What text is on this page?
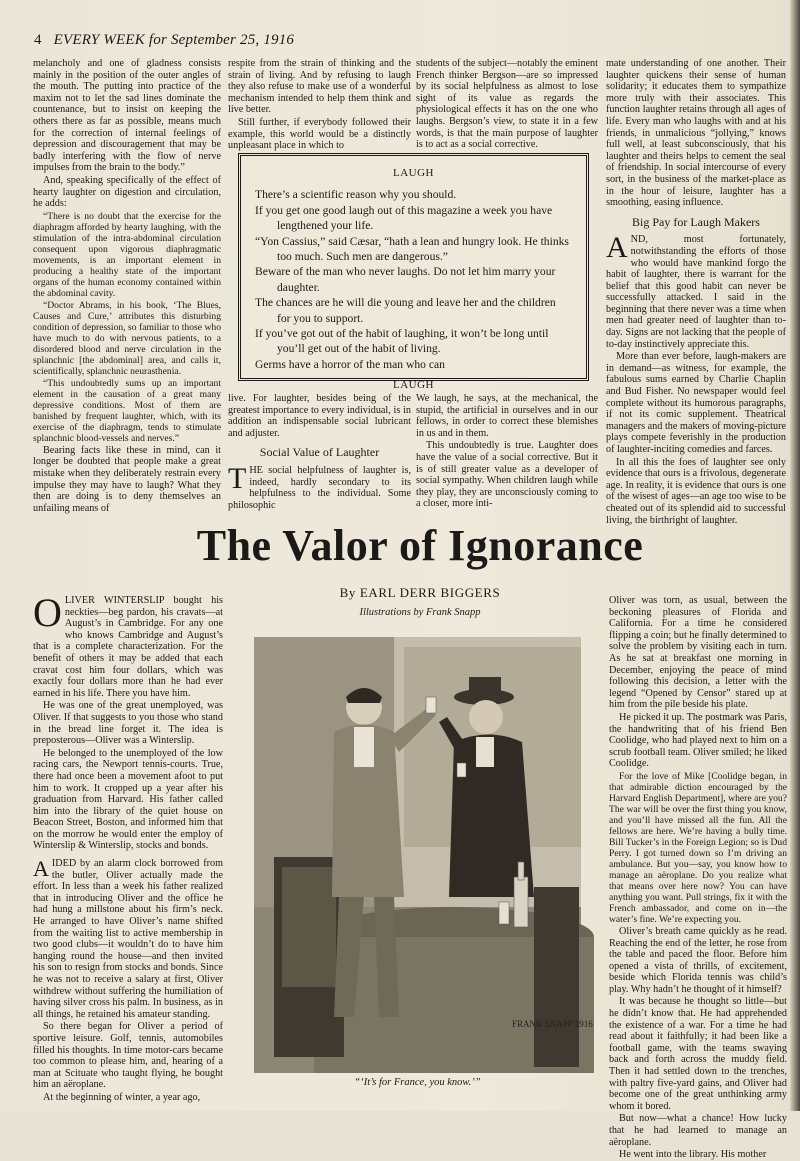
4 EVERY WEEK for September 25, 1916

melancholy and one of gladness consists mainly in the position of the outer angles of the mouth. The putting into practice of the maxim not to let the sad lines dominate the countenance, but to insist on keeping the others there as far as possible, means much for the correction of internal feelings of depression and discouragement that may be badly interfering with the flow of nerve impulses from the brain to the body.”

And, speaking specifically of the effect of hearty laughter on digestion and circulation, he adds:

“There is no doubt that the exercise for the diaphragm afforded by hearty laughing, with the stimulation of the intra-abdominal circulation consequent upon vigorous diaphragmatic movements, is an important element in producing a healthy state of the important organs of the human economy contained within the abdominal cavity.

“Doctor Abrams, in his book, ‘The Blues, Causes and Cure,’ attributes this disturbing condition of depression, so familiar to those who have much to do with nervous patients, to a disordered blood and nerve circulation in the splanchnic [the abdominal] area, and calls it, scientifically, splanchnic neurasthenia.

“This undoubtedly sums up an important element in the causation of a great many depressive conditions. Most of them are banished by frequent laughter, which, with its exercise of the diaphragm, tends to stimulate splanchnic blood-vessels and nerves.”

Bearing facts like these in mind, can it longer be doubted that people make a great mistake when they deliberately restrain every impulse they may have to laugh? What they then are doing is to deny themselves an unfailing means of

respite from the strain of thinking and the strain of living. And by refusing to laugh they also refuse to make use of a wonderful mechanism intended to help them think and live better.

Still further, if everybody followed their example, this world would be a distinctly unpleasant place in which to

students of the subject—notably the eminent French thinker Bergson—are so impressed by its social helpfulness as almost to lose sight of its value as regards the physiological effects it has on the one who laughs. Bergson’s view, to state it in a few words, is that the main purpose of laughter is to act as a social corrective.

LAUGH
There’s a scientific reason why you should.
If you get one good laugh out of this magazine a week you have lengthened your life.
“Yon Cassius,” said Cæsar, “hath a lean and hungry look. He thinks too much. Such men are dangerous.”
Beware of the man who never laughs. Do not let him marry your daughter.
The chances are he will die young and leave her and the children for you to support.
If you’ve got out of the habit of laughing, it won’t be long until you’ll get out of the habit of living.
Germs have a horror of the man who can
LAUGH

live. For laughter, besides being of the greatest importance to every individual, is in addition an indispensable social lubricant and adjuster.

Social Value of Laughter

THE social helpfulness of laughter is, indeed, hardly secondary to its helpfulness to the individual. Some philosophic

We laugh, he says, at the mechanical, the stupid, the artificial in ourselves and in our fellows, in order to correct these blemishes in us and in them.

This undoubtedly is true. Laughter does have the value of a social corrective. But it is of still greater value as a developer of social sympathy. When children laugh while they play, they are unconsciously coming to a closer, more inti-

mate understanding of one another. Their laughter quickens their sense of human solidarity; it educates them to sympathize more truly with their associates. This function laughter retains through all ages of life. Every man who laughs with and at his friends, in unmalicious “jollying,” knows full well, at least subconsciously, that his laughter and theirs helps to cement the seal of friendship. In social intercourse of every sort, in the business of the market-place as in the hour of leisure, laughter has a smoothing, easing influence.

Big Pay for Laugh Makers

AND, most fortunately, notwithstanding the efforts of those who would have mankind forgo the habit of laughter, there is warrant for the belief that this good habit can never be successfully attacked. I said in the beginning that there never was a time when men had greater need of laughter than to-day. Signs are not lacking that the people of to-day instinctively appreciate this.

More than ever before, laugh-makers are in demand—as witness, for example, the fabulous sums earned by Charlie Chaplin and Bud Fisher. No newspaper would feel complete without its humorous paragraphs, if not its comic supplement. Theatrical managers and the makers of moving-picture plays compete feverishly in the production of laughter-inciting comedies and farces.

In all this the foes of laughter see only evidence that ours is a frivolous, degenerate age. In reality, it is evidence that ours is one of the wisest of ages—an age too wise to be cheated out of its splendid aid to successful living, the birthright of laughter.

The Valor of Ignorance
By EARL DERR BIGGERS
Illustrations by Frank Snapp

OLIVER WINTERSLIP bought his neckties—beg pardon, his cravats—at August’s in Cambridge. For any one who knows Cambridge and August’s that is a complete characterization. For the benefit of others it may be added that each cravat cost him four dollars, which was exactly four dollars more than he had ever earned in his life. There you have him.

He was one of the great unemployed, was Oliver. If that suggests to you those who stand in the bread line forget it. The idea is preposterous—Oliver was a Winterslip.

He belonged to the unemployed of the low racing cars, the Newport tennis-courts. True, there had once been a movement afoot to put him to work. It cropped up a year after his graduation from Harvard. His father called him into the library of the quiet house on Beacon Street, Boston, and informed him that on the morrow he would enter the employ of Winterslip & Winterslip, stocks and bonds.

AIDED by an alarm clock borrowed from the butler, Oliver actually made the effort. In less than a week his father realized that in introducing Oliver and the office he had hung a millstone about his firm’s neck. He arranged to have Oliver’s name shifted from the waiting list to active membership in two good clubs—it wouldn’t do to have him hanging round the house—and then invited his son to resign from stocks and bonds. Since he was not to receive a salary at first, Oliver withdrew without suffering the humiliation of having silver cross his palm. In business, as in all things, he retained his amateur standing.

So there began for Oliver a period of sportive leisure. Golf, tennis, automobiles filled his thoughts. In time motor-cars became too common to please him, and, hearing of a man at Scituate who taught flying, he bought him an aëroplane.

At the beginning of winter, a year ago,

FRANK SNAPP 1916
“‘It’s for France, you know.’”

Oliver was torn, as usual, between the beckoning pleasures of Florida and California. For a time he considered flipping a coin; but he finally determined to solve the problem by visiting each in turn. As he sat at breakfast one morning in December, enjoying the peace of mind following this decision, a letter with the legend “Opened by Censor” stared up at him from the pile beside his plate.

He picked it up. The postmark was Paris, the handwriting that of his friend Ben Coolidge, who had played next to him on a scrub football team. Oliver smiled; he liked Coolidge.

For the love of Mike [Coolidge began, in that admirable diction encouraged by the Harvard English Department], where are you? The war will be over the first thing you know, and you’ll have missed all the fun. All the fellows are here. We’re having a bully time. Bill Tucker’s in the Foreign Legion; so is Dud Perry. I got turned down so I’m driving an ambulance. But you—say, you know how to manage an aëroplane. Do you realize what that means over here now? You can have anything you want. Pull strings, fix it with the French ambassador, and come on in—the water’s fine. We’re expecting you.

Oliver’s breath came quickly as he read. Reaching the end of the letter, he rose from the table and paced the floor. Before him opened a vista of thrills, of excitement, beside which Florida tennis was child’s play. Why hadn’t he thought of it himself?

It was because he thought so little—but he didn’t know that. He had apprehended the existence of a war. For a time he had read about it faithfully; it had been like a football game, with the teams swaying back and forth across the muddy field. Then it had settled down to the trenches, with paltry five-yard gains, and Oliver had become one of the great unthinking army whom it bored.

But now—what a chance! How lucky that he had learned to manage an aëroplane.

He went into the library. His mother
